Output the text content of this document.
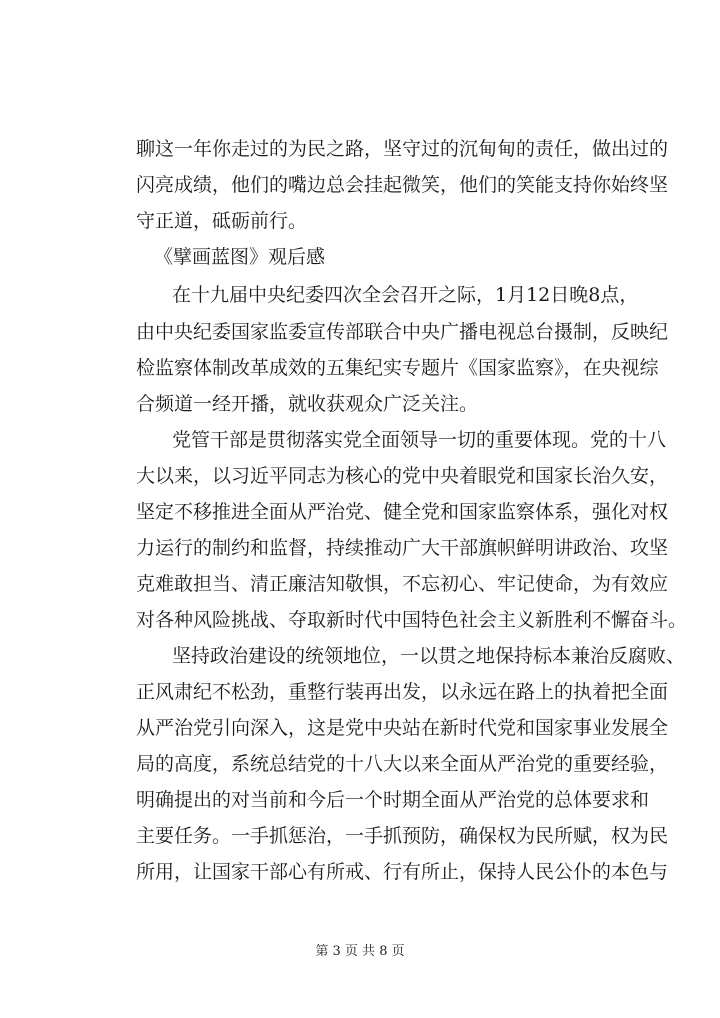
聊这一年你走过的为民之路，坚守过的沉甸甸的责任，做出过的
闪亮成绩，他们的嘴边总会挂起微笑，他们的笑能支持你始终坚
守正道，砥砺前行。
《擘画蓝图》观后感
在十九届中央纪委四次全会召开之际，1月12日晚8点，
由中央纪委国家监委宣传部联合中央广播电视总台摄制，反映纪
检监察体制改革成效的五集纪实专题片《国家监察》，在央视综
合频道一经开播，就收获观众广泛关注。
党管干部是贯彻落实党全面领导一切的重要体现。党的十八
大以来，以习近平同志为核心的党中央着眼党和国家长治久安，
坚定不移推进全面从严治党、健全党和国家监察体系，强化对权
力运行的制约和监督，持续推动广大干部旗帜鲜明讲政治、攻坚
克难敢担当、清正廉洁知敬惧，不忘初心、牢记使命，为有效应
对各种风险挑战、夺取新时代中国特色社会主义新胜利不懈奋斗。
坚持政治建设的统领地位，一以贯之地保持标本兼治反腐败、
正风肃纪不松劲，重整行装再出发，以永远在路上的执着把全面
从严治党引向深入，这是党中央站在新时代党和国家事业发展全
局的高度，系统总结党的十八大以来全面从严治党的重要经验，
明确提出的对当前和今后一个时期全面从严治党的总体要求和
主要任务。一手抓惩治，一手抓预防，确保权为民所赋，权为民
所用，让国家干部心有所戒、行有所止，保持人民公仆的本色与
第 3 页 共 8 页
